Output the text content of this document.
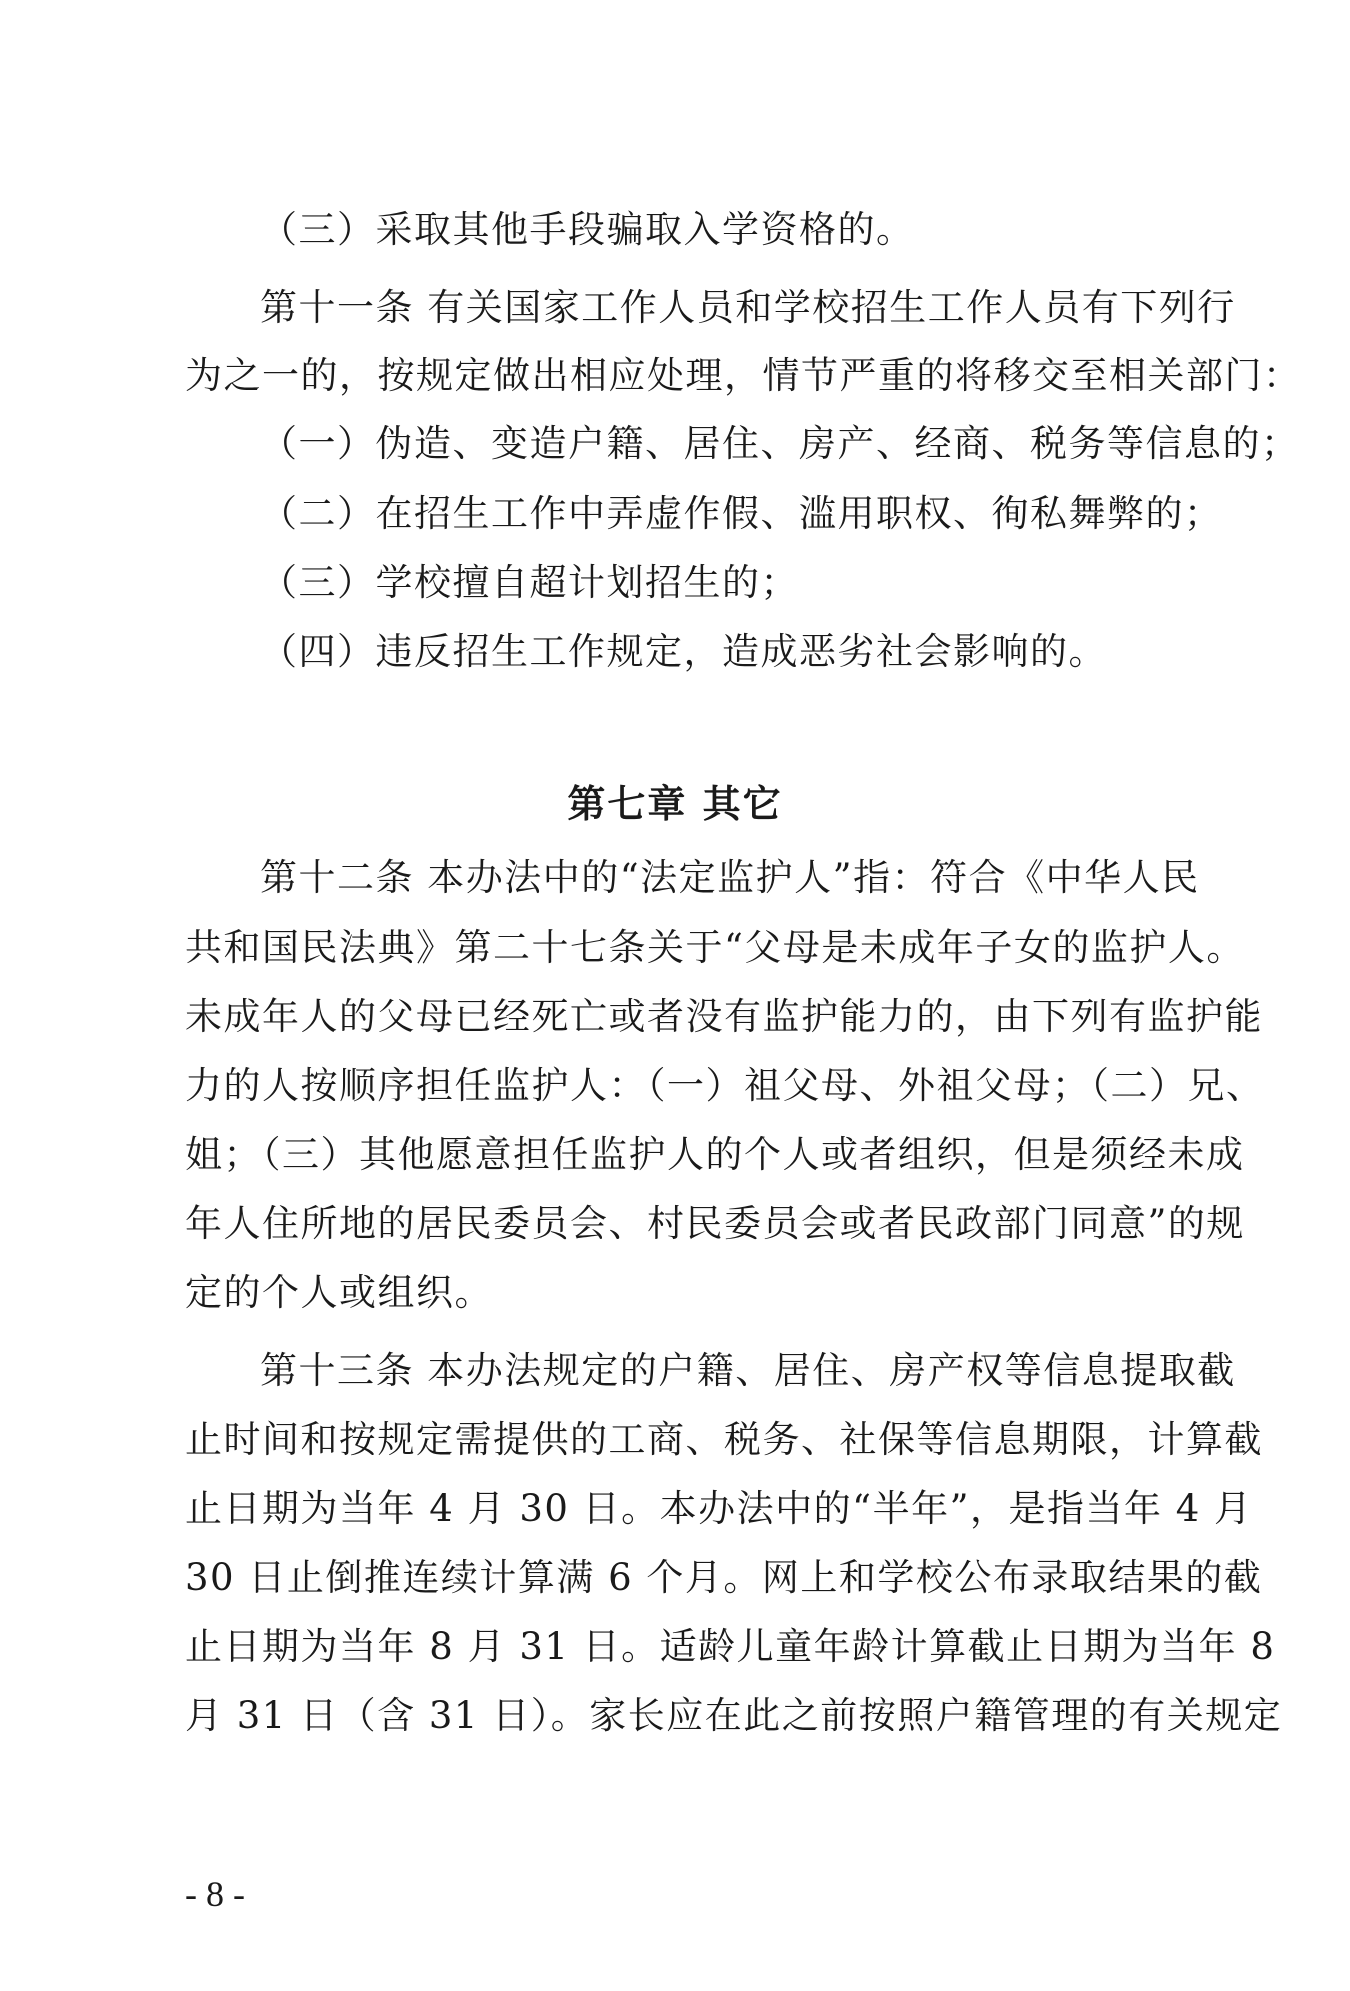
（三）采取其他手段骗取入学资格的。
第十一条 有关国家工作人员和学校招生工作人员有下列行
为之一的，按规定做出相应处理，情节严重的将移交至相关部门：
（一）伪造、变造户籍、居住、房产、经商、税务等信息的；
（二）在招生工作中弄虚作假、滥用职权、徇私舞弊的；
（三）学校擅自超计划招生的；
（四）违反招生工作规定，造成恶劣社会影响的。
第七章 其它
第十二条 本办法中的“法定监护人”指：符合《中华人民
共和国民法典》第二十七条关于“父母是未成年子女的监护人。
未成年人的父母已经死亡或者没有监护能力的，由下列有监护能
力的人按顺序担任监护人：（一）祖父母、外祖父母；（二）兄、
姐；（三）其他愿意担任监护人的个人或者组织，但是须经未成
年人住所地的居民委员会、村民委员会或者民政部门同意”的规
定的个人或组织。
第十三条 本办法规定的户籍、居住、房产权等信息提取截
止时间和按规定需提供的工商、税务、社保等信息期限，计算截
止日期为当年 4 月 30 日。本办法中的“半年”，是指当年 4 月
30 日止倒推连续计算满 6 个月。网上和学校公布录取结果的截
止日期为当年 8 月 31 日。适龄儿童年龄计算截止日期为当年 8
月 31 日（含 31 日）。家长应在此之前按照户籍管理的有关规定
- 8 -
